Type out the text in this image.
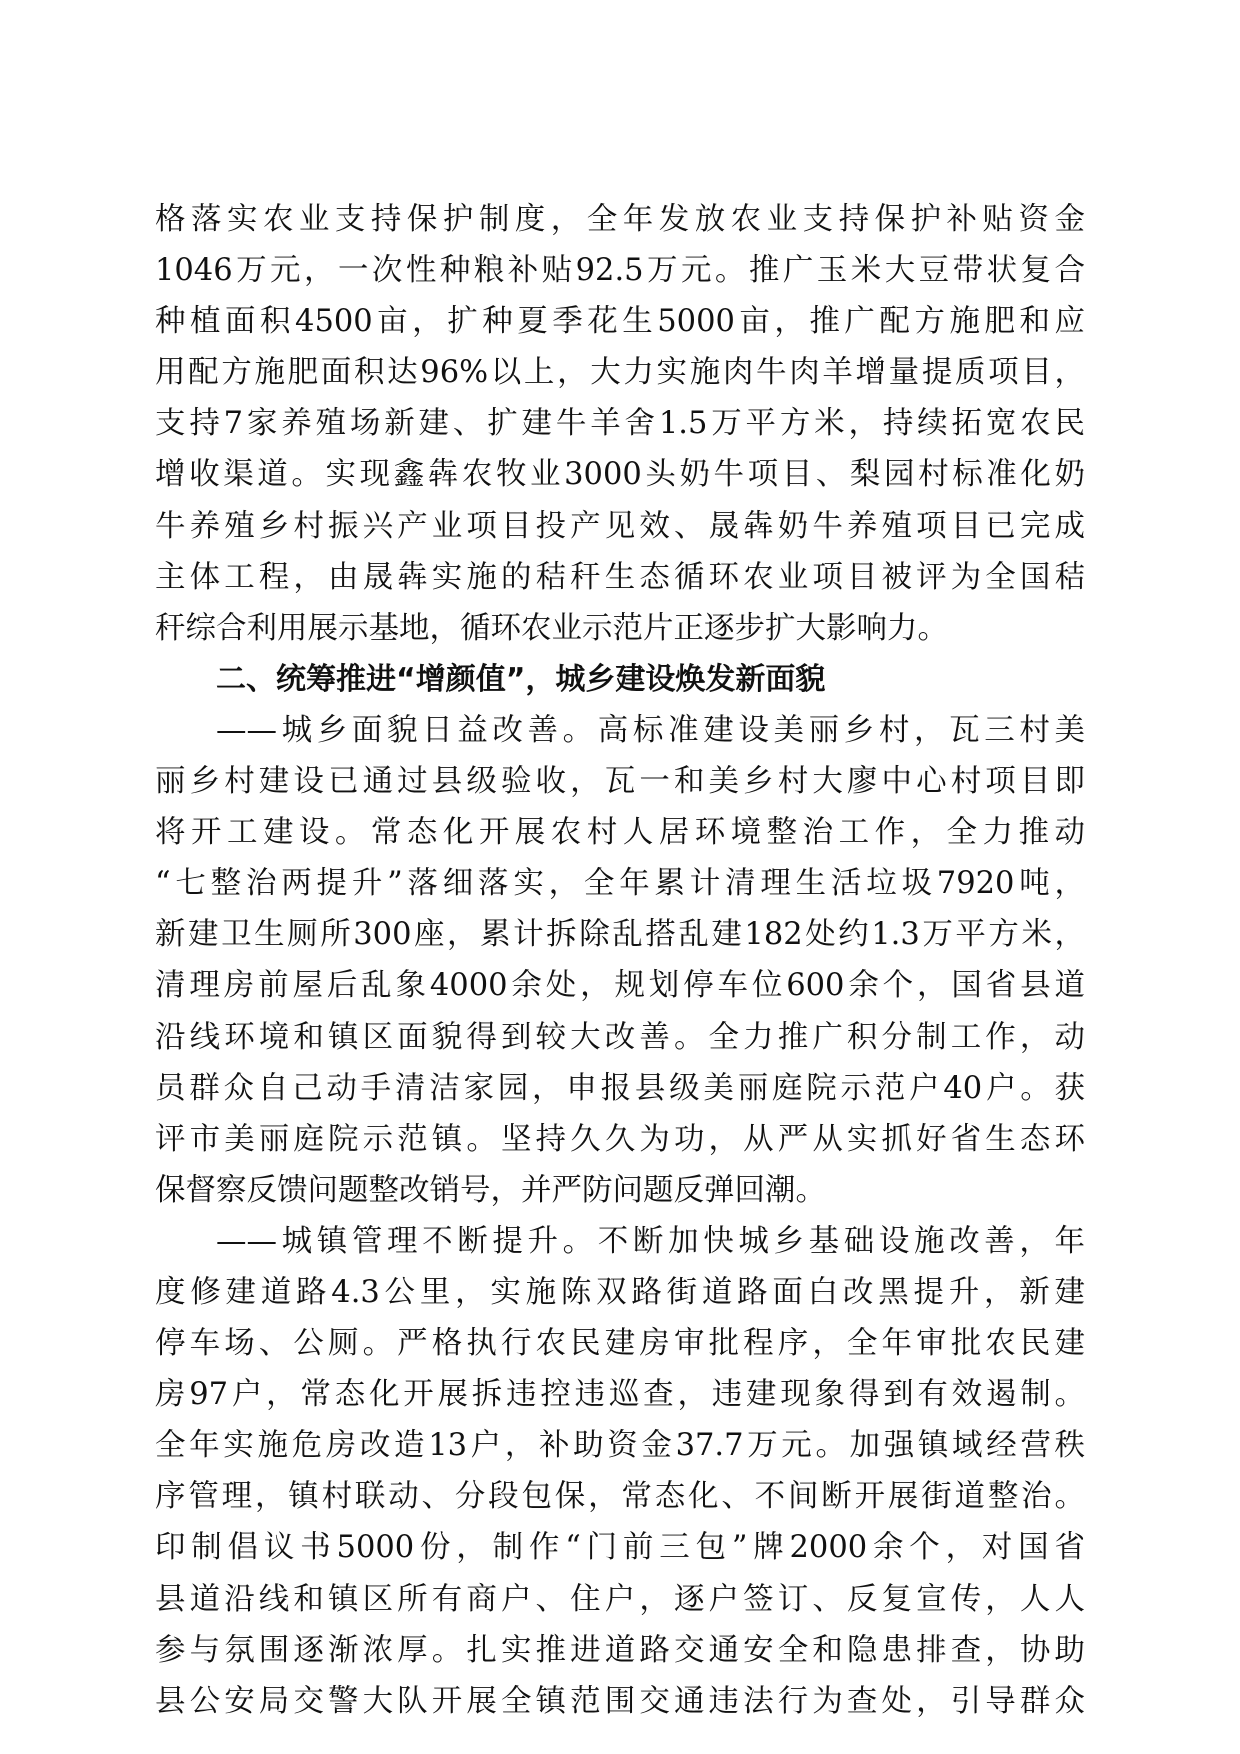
格落实农业支持保护制度，全年发放农业支持保护补贴资金
1046万元，一次性种粮补贴92.5万元。推广玉米大豆带状复合
种植面积4500亩，扩种夏季花生5000亩，推广配方施肥和应
用配方施肥面积达96%以上，大力实施肉牛肉羊增量提质项目，
支持7家养殖场新建、扩建牛羊舍1.5万平方米，持续拓宽农民
增收渠道。实现鑫犇农牧业3000头奶牛项目、梨园村标准化奶
牛养殖乡村振兴产业项目投产见效、晟犇奶牛养殖项目已完成
主体工程，由晟犇实施的秸秆生态循环农业项目被评为全国秸
秆综合利用展示基地，循环农业示范片正逐步扩大影响力。
二、统筹推进“增颜值”，城乡建设焕发新面貌
——城乡面貌日益改善。高标准建设美丽乡村，瓦三村美
丽乡村建设已通过县级验收，瓦一和美乡村大廖中心村项目即
将开工建设。常态化开展农村人居环境整治工作，全力推动
“七整治两提升”落细落实，全年累计清理生活垃圾7920吨，
新建卫生厕所300座，累计拆除乱搭乱建182处约1.3万平方米，
清理房前屋后乱象4000余处，规划停车位600余个，国省县道
沿线环境和镇区面貌得到较大改善。全力推广积分制工作，动
员群众自己动手清洁家园，申报县级美丽庭院示范户40户。获
评市美丽庭院示范镇。坚持久久为功，从严从实抓好省生态环
保督察反馈问题整改销号，并严防问题反弹回潮。
——城镇管理不断提升。不断加快城乡基础设施改善，年
度修建道路4.3公里，实施陈双路街道路面白改黑提升，新建
停车场、公厕。严格执行农民建房审批程序，全年审批农民建
房97户，常态化开展拆违控违巡查，违建现象得到有效遏制。
全年实施危房改造13户，补助资金37.7万元。加强镇域经营秩
序管理，镇村联动、分段包保，常态化、不间断开展街道整治。
印制倡议书5000份，制作“门前三包”牌2000余个，对国省
县道沿线和镇区所有商户、住户，逐户签订、反复宣传，人人
参与氛围逐渐浓厚。扎实推进道路交通安全和隐患排查，协助
县公安局交警大队开展全镇范围交通违法行为查处，引导群众
